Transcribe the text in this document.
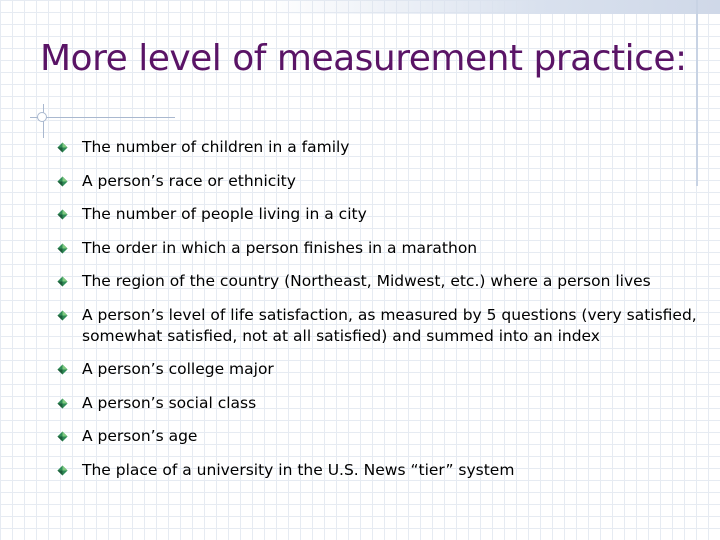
More level of measurement practice:
The number of children in a family
A person’s race or ethnicity
The number of people living in a city
The order in which a person finishes in a marathon
The region of the country (Northeast, Midwest, etc.) where a person lives
A person’s level of life satisfaction, as measured by 5 questions (very satisfied, somewhat satisfied, not at all satisfied) and summed into an index
A person’s college major
A person’s social class
A person’s age
The place of a university in the U.S. News “tier” system
